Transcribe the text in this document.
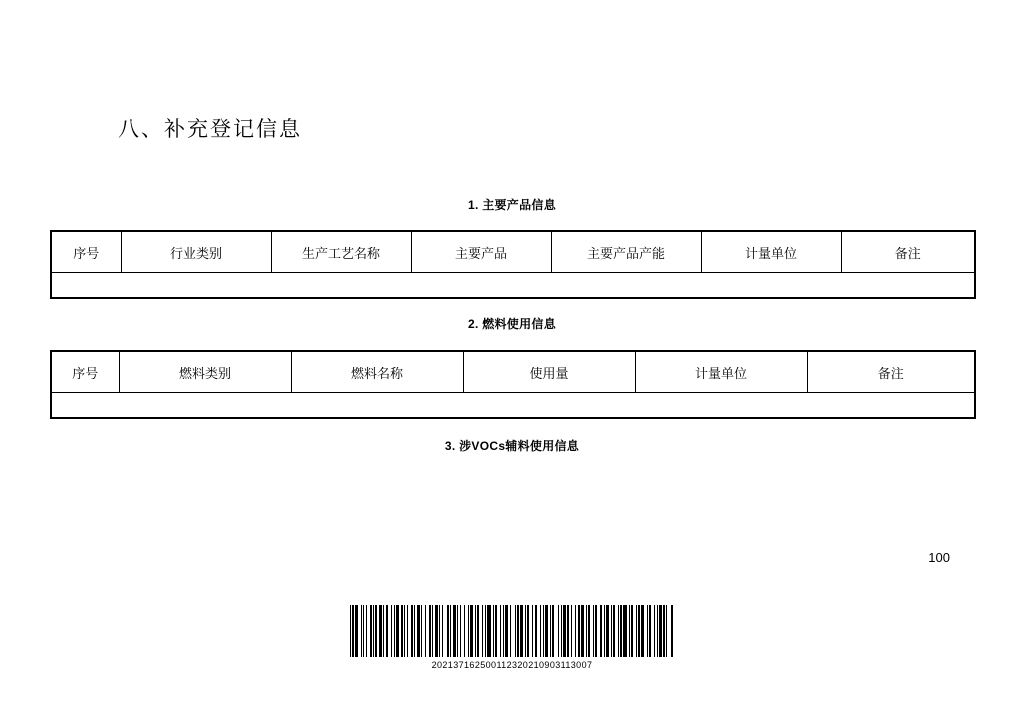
八、补充登记信息
1. 主要产品信息
序号	行业类别	生产工艺名称	主要产品	主要产品产能	计量单位	备注

2. 燃料使用信息
序号	燃料类别	燃料名称	使用量	计量单位	备注

3. 涉VOCs辅料使用信息
100
202137162500112320210903113007
